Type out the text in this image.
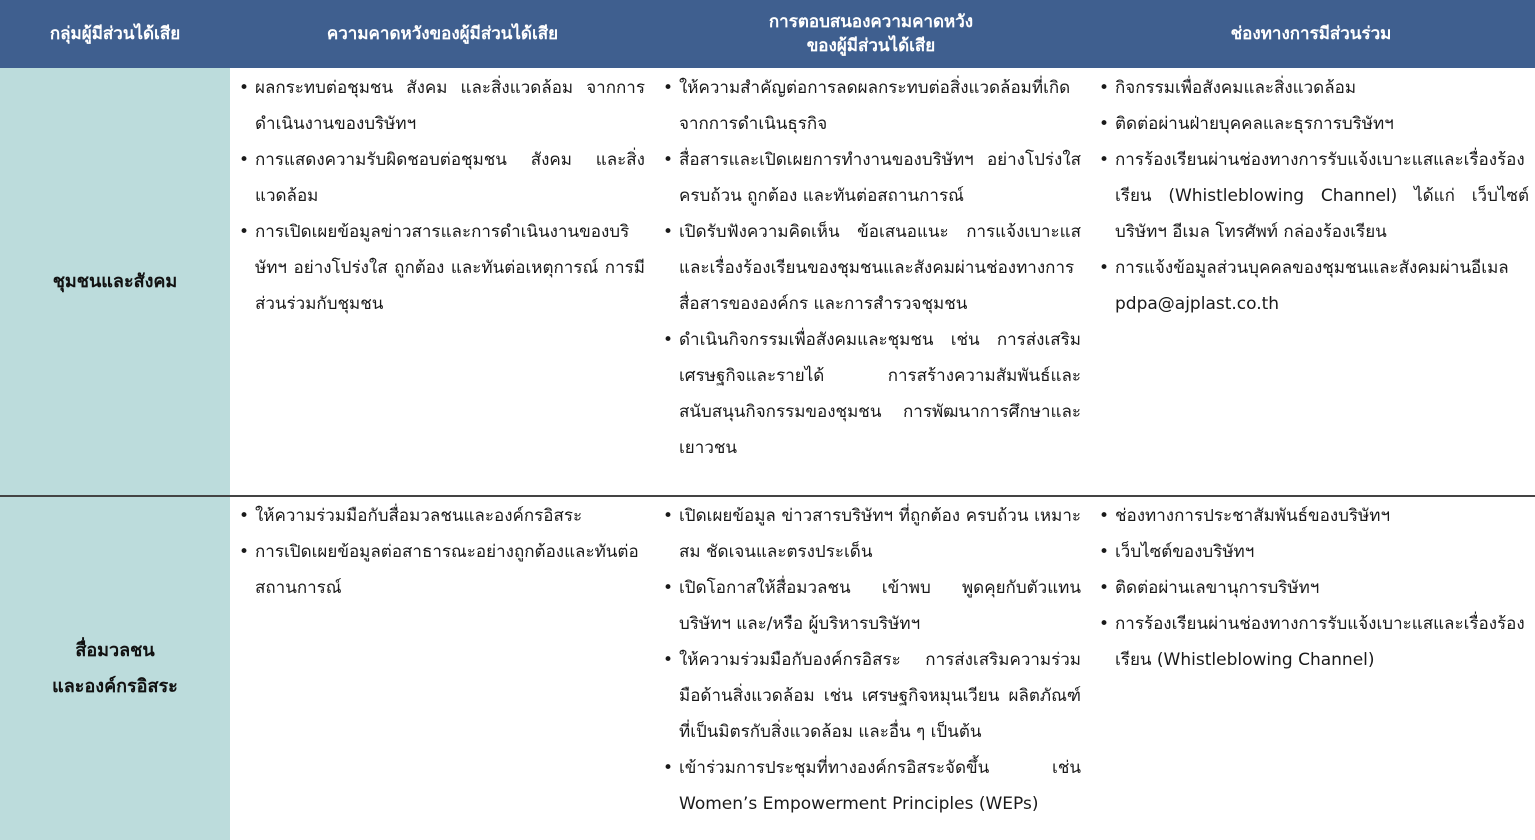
กลุ่มผู้มีส่วนได้เสีย	ความคาดหวังของผู้มีส่วนได้เสีย
การตอบสนองความคาดหวัง
ของผู้มีส่วนได้เสีย
ช่องทางการมีส่วนร่วม
ชุมชนและสังคม
• ผลกระทบต่อชุมชน สังคม และสิ่งแวดล้อม จากการดำเนินงานของบริษัทฯ
• การแสดงความรับผิดชอบต่อชุมชน สังคม และสิ่งแวดล้อม
• การเปิดเผยข้อมูลข่าวสารและการดำเนินงานของบริษัทฯ อย่างโปร่งใส ถูกต้อง และทันต่อเหตุการณ์ การมีส่วนร่วมกับชุมชน
• ให้ความสำคัญต่อการลดผลกระทบต่อสิ่งแวดล้อมที่เกิดจากการดำเนินธุรกิจ
• สื่อสารและเปิดเผยการทำงานของบริษัทฯ อย่างโปร่งใส ครบถ้วน ถูกต้อง และทันต่อสถานการณ์
• เปิดรับฟังความคิดเห็น ข้อเสนอแนะ การแจ้งเบาะแสและเรื่องร้องเรียนของชุมชนและสังคมผ่านช่องทางการสื่อสารขององค์กร และการสำรวจชุมชน
• ดำเนินกิจกรรมเพื่อสังคมและชุมชน เช่น การส่งเสริมเศรษฐกิจและรายได้ การสร้างความสัมพันธ์และสนับสนุนกิจกรรมของชุมชน การพัฒนาการศึกษาและเยาวชน
• กิจกรรมเพื่อสังคมและสิ่งแวดล้อม
• ติดต่อผ่านฝ่ายบุคคลและธุรการบริษัทฯ
• การร้องเรียนผ่านช่องทางการรับแจ้งเบาะแสและเรื่องร้องเรียน (Whistleblowing Channel) ได้แก่ เว็บไซต์บริษัทฯ อีเมล โทรศัพท์ กล่องร้องเรียน
• การแจ้งข้อมูลส่วนบุคคลของชุมชนและสังคมผ่านอีเมล pdpa@ajplast.co.th
สื่อมวลชน
และองค์กรอิสระ
• ให้ความร่วมมือกับสื่อมวลชนและองค์กรอิสระ
• การเปิดเผยข้อมูลต่อสาธารณะอย่างถูกต้องและทันต่อสถานการณ์
• เปิดเผยข้อมูล ข่าวสารบริษัทฯ ที่ถูกต้อง ครบถ้วน เหมาะสม ชัดเจนและตรงประเด็น
• เปิดโอกาสให้สื่อมวลชน เข้าพบ พูดคุยกับตัวแทนบริษัทฯ และ/หรือ ผู้บริหารบริษัทฯ
• ให้ความร่วมมือกับองค์กรอิสระ การส่งเสริมความร่วมมือด้านสิ่งแวดล้อม เช่น เศรษฐกิจหมุนเวียน ผลิตภัณฑ์ที่เป็นมิตรกับสิ่งแวดล้อม และอื่น ๆ เป็นต้น
• เข้าร่วมการประชุมที่ทางองค์กรอิสระจัดขึ้น เช่น Women’s Empowerment Principles (WEPs)
• ช่องทางการประชาสัมพันธ์ของบริษัทฯ
• เว็บไซต์ของบริษัทฯ
• ติดต่อผ่านเลขานุการบริษัทฯ
• การร้องเรียนผ่านช่องทางการรับแจ้งเบาะแสและเรื่องร้องเรียน (Whistleblowing Channel)
